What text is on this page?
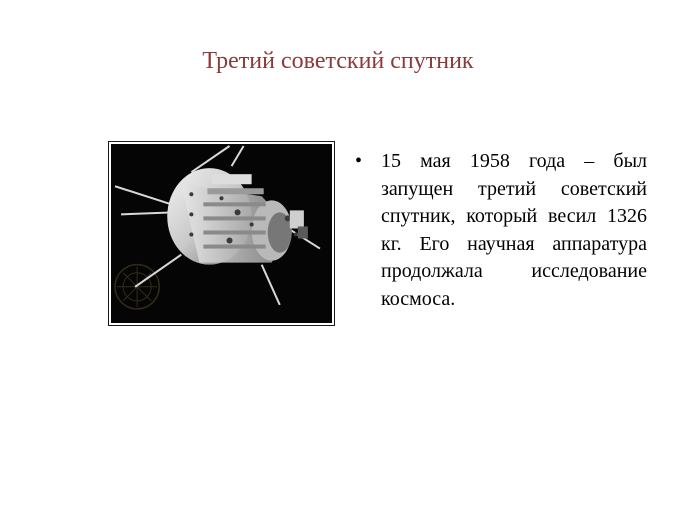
Третий советский спутник
• 15 мая 1958 года – был запущен третий советский спутник, который весил 1326 кг. Его научная аппаратура продолжала исследование космоса.
